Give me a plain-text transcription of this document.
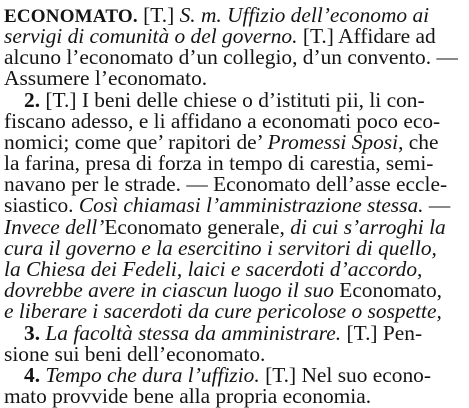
ECONOMATO. [T.] S. m. Uffizio dell’economo ai
servigi di comunità o del governo. [T.] Affidare ad
alcuno l’economato d’un collegio, d’un convento. —
Assumere l’economato.
2. [T.] I beni delle chiese o d’istituti pii, li con-
fiscano adesso, e li affidano a economati poco eco-
nomici; come que’ rapitori de’ Promessi Sposi, che
la farina, presa di forza in tempo di carestia, semi-
navano per le strade. — Economato dell’asse eccle-
siastico. Così chiamasi l’amministrazione stessa. —
Invece dell’Economato generale, di cui s’arroghi la
cura il governo e la esercitino i servitori di quello,
la Chiesa dei Fedeli, laici e sacerdoti d’accordo,
dovrebbe avere in ciascun luogo il suo Economato,
e liberare i sacerdoti da cure pericolose o sospette,
3. La facoltà stessa da amministrare. [T.] Pen-
sione sui beni dell’economato.
4. Tempo che dura l’uffizio. [T.] Nel suo econo-
mato provvide bene alla propria economia.
